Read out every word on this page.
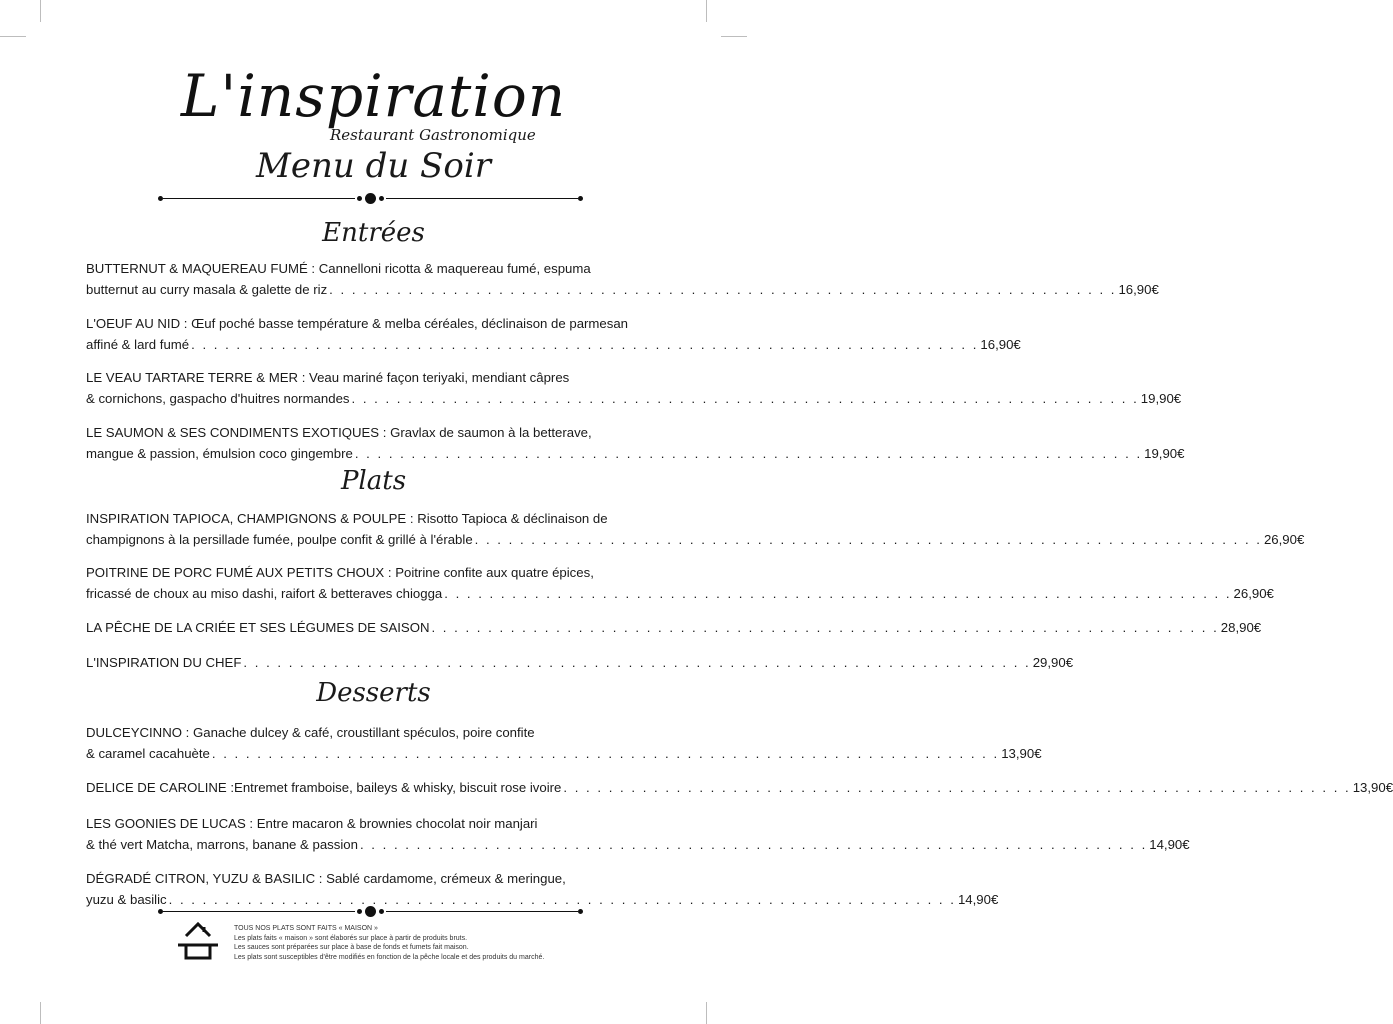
L'inspiration
Restaurant Gastronomique
Menu du Soir
Entrées
Plats
Desserts
BUTTERNUT & MAQUEREAU FUMÉ : Cannelloni ricotta & maquereau fumé, espuma
butternut au curry masala & galette de riz . . . . . . . . . . . . . . . . . . . . . . . . . . . . . . . . . . . . . . . . . . . . . . . . . . . . . . . . . . . . . . . . . . . . . . 16,90€
L'OEUF AU NID : Œuf poché basse température & melba céréales, déclinaison de parmesan
affiné & lard fumé . . . . . . . . . . . . . . . . . . . . . . . . . . . . . . . . . . . . . . . . . . . . . . . . . . . . . . . . . . . . . . . . . . . . . . 16,90€
LE VEAU TARTARE TERRE & MER : Veau mariné façon teriyaki, mendiant câpres
& cornichons, gaspacho d'huitres normandes . . . . . . . . . . . . . . . . . . . . . . . . . . . . . . . . . . . . . . . . . . . . . . . . . . . . . . . . . . . . . . . . . . . . . . 19,90€
LE SAUMON & SES CONDIMENTS EXOTIQUES : Gravlax de saumon à la betterave,
mangue & passion, émulsion coco gingembre . . . . . . . . . . . . . . . . . . . . . . . . . . . . . . . . . . . . . . . . . . . . . . . . . . . . . . . . . . . . . . . . . . . . . . 19,90€
INSPIRATION TAPIOCA, CHAMPIGNONS & POULPE : Risotto Tapioca & déclinaison de
champignons à la persillade fumée, poulpe confit & grillé à l'érable . . . . . . . . . . . . . . . . . . . . . . . . . . . . . . . . . . . . . . . . . . . . . . . . . . . . . . . . . . . . . . . . . . . . . . 26,90€
POITRINE DE PORC FUMÉ AUX PETITS CHOUX : Poitrine confite aux quatre épices,
fricassé de choux au miso dashi, raifort & betteraves chiogga . . . . . . . . . . . . . . . . . . . . . . . . . . . . . . . . . . . . . . . . . . . . . . . . . . . . . . . . . . . . . . . . . . . . . . 26,90€
LA PÊCHE DE LA CRIÉE ET SES LÉGUMES DE SAISON . . . . . . . . . . . . . . . . . . . . . . . . . . . . . . . . . . . . . . . . . . . . . . . . . . . . . . . . . . . . . . . . . . . . . . 28,90€
L'INSPIRATION DU CHEF . . . . . . . . . . . . . . . . . . . . . . . . . . . . . . . . . . . . . . . . . . . . . . . . . . . . . . . . . . . . . . . . . . . . . . 29,90€
DULCEYCINNO : Ganache dulcey & café, croustillant spéculos, poire confite
& caramel cacahuète . . . . . . . . . . . . . . . . . . . . . . . . . . . . . . . . . . . . . . . . . . . . . . . . . . . . . . . . . . . . . . . . . . . . . . 13,90€
DELICE DE CAROLINE :Entremet framboise, baileys & whisky, biscuit rose ivoire . . . . . . . . . . . . . . . . . . . . . . . . . . . . . . . . . . . . . . . . . . . . . . . . . . . . . . . . . . . . . . . . . . . . . . 13,90€
LES GOONIES DE LUCAS : Entre macaron & brownies chocolat noir manjari
& thé vert Matcha, marrons, banane & passion . . . . . . . . . . . . . . . . . . . . . . . . . . . . . . . . . . . . . . . . . . . . . . . . . . . . . . . . . . . . . . . . . . . . . . 14,90€
DÉGRADÉ CITRON, YUZU & BASILIC : Sablé cardamome, crémeux & meringue,
yuzu & basilic . . . . . . . . . . . . . . . . . . . . . . . . . . . . . . . . . . . . . . . . . . . . . . . . . . . . . . . . . . . . . . . . . . . . . . 14,90€
TOUS NOS PLATS SONT FAITS « MAISON »
Les plats faits « maison » sont élaborés sur place à partir de produits bruts.
Les sauces sont préparées sur place à base de fonds et fumets fait maison.
Les plats sont susceptibles d'être modifiés en fonction de la pêche locale et des produits du marché.
